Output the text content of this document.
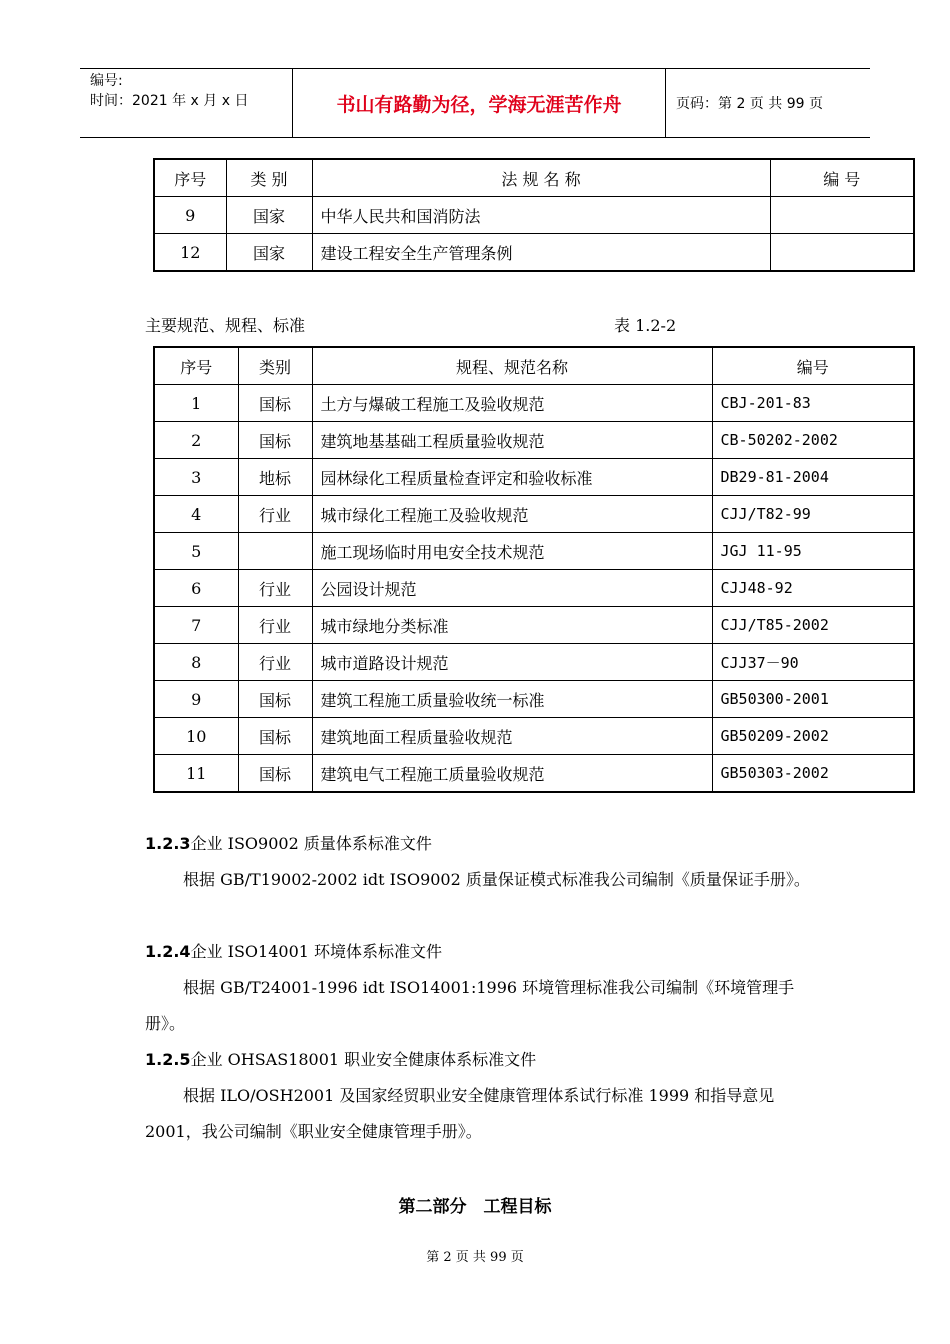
编号:
时间：2021 年 x 月 x 日	书山有路勤为径，学海无涯苦作舟	页码：第 2 页 共 99 页
序号	类 别	法 规 名 称	编 号
9	国家	中华人民共和国消防法	
12	国家	建设工程安全生产管理条例	
主要规范、规程、标准	表 1.2-2
序号	类别	规程、规范名称	编号
1	国标	土方与爆破工程施工及验收规范	CBJ-201-83
2	国标	建筑地基基础工程质量验收规范	CB-50202-2002
3	地标	园林绿化工程质量检查评定和验收标准	DB29-81-2004
4	行业	城市绿化工程施工及验收规范	CJJ/T82-99
5		施工现场临时用电安全技术规范	JGJ 11-95
6	行业	公园设计规范	CJJ48-92
7	行业	城市绿地分类标准	CJJ/T85-2002
8	行业	城市道路设计规范	CJJ37－90
9	国标	建筑工程施工质量验收统一标准	GB50300-2001
10	国标	建筑地面工程质量验收规范	GB50209-2002
11	国标	建筑电气工程施工质量验收规范	GB50303-2002
1.2.3企业 ISO9002 质量体系标准文件
根据 GB/T19002-2002 idt ISO9002 质量保证模式标准我公司编制《质量保证手册》。
1.2.4企业 ISO14001 环境体系标准文件
根据 GB/T24001-1996 idt ISO14001:1996 环境管理标准我公司编制《环境管理手册》。
1.2.5企业 OHSAS18001 职业安全健康体系标准文件
根据 ILO/OSH2001 及国家经贸职业安全健康管理体系试行标准 1999 和指导意见 2001，我公司编制《职业安全健康管理手册》。
第二部分　工程目标
第 2 页 共 99 页
